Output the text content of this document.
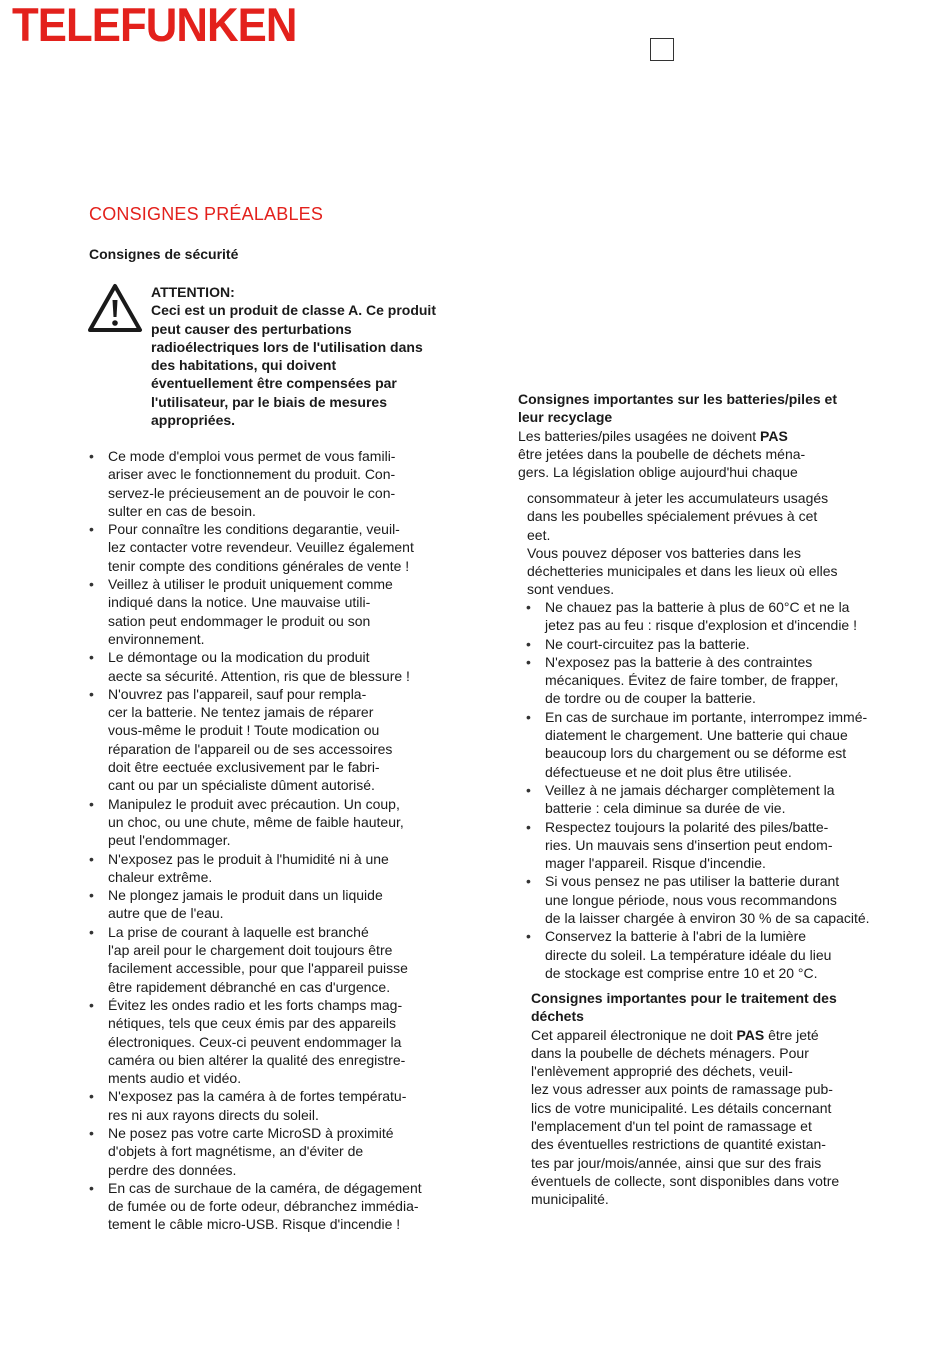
TELEFUNKEN
CONSIGNES PRÉALABLES
Consignes de sécurité
ATTENTION:
Ceci est un produit de classe A. Ce produit
peut causer des perturbations
radioélectriques lors de l'utilisation dans
des habitations, qui doivent
éventuellement être compensées par
l'utilisateur, par le biais de mesures
appropriées.
• Ce mode d'emploi vous permet de vous famili-
ariser avec le fonctionnement du produit. Con-
servez-le précieusement an de pouvoir le con-
sulter en cas de besoin.
• Pour connaître les conditions degarantie, veuil-
lez contacter votre revendeur. Veuillez également
tenir compte des conditions générales de vente !
• Veillez à utiliser le produit uniquement comme
indiqué dans la notice. Une mauvaise utili-
sation peut endommager le produit ou son
environnement.
• Le démontage ou la modication du produit
aecte sa sécurité. Attention, ris que de blessure !
• N'ouvrez pas l'appareil, sauf pour rempla-
cer la batterie. Ne tentez jamais de réparer
vous-même le produit ! Toute modication ou
réparation de l'appareil ou de ses accessoires
doit être eectuée exclusivement par le fabri-
cant ou par un spécialiste dûment autorisé.
• Manipulez le produit avec précaution. Un coup,
un choc, ou une chute, même de faible hauteur,
peut l'endommager.
• N'exposez pas le produit à l'humidité ni à une
chaleur extrême.
• Ne plongez jamais le produit dans un liquide
autre que de l'eau.
• La prise de courant à laquelle est branché
l'ap areil pour le chargement doit toujours être
facilement accessible, pour que l'appareil puisse
être rapidement débranché en cas d'urgence.
• Évitez les ondes radio et les forts champs mag-
nétiques, tels que ceux émis par des appareils
électroniques. Ceux-ci peuvent endommager la
caméra ou bien altérer la qualité des enregistre-
ments audio et vidéo.
• N'exposez pas la caméra à de fortes températu-
res ni aux rayons directs du soleil.
• Ne posez pas votre carte MicroSD à proximité
d'objets à fort magnétisme, an d'éviter de
perdre des données.
• En cas de surchaue de la caméra, de dégagement
de fumée ou de forte odeur, débranchez immédia-
tement le câble micro-USB. Risque d'incendie !
Consignes importantes sur les batteries/piles et
leur recyclage
Les batteries/piles usagées ne doivent PAS
être jetées dans la poubelle de déchets ména-
gers. La législation oblige aujourd'hui chaque
consommateur à jeter les accumulateurs usagés
dans les poubelles spécialement prévues à cet
eet.
Vous pouvez déposer vos batteries dans les
déchetteries municipales et dans les lieux où elles
sont vendues.
• Ne chauez pas la batterie à plus de 60°C et ne la
jetez pas au feu : risque d'explosion et d'incendie !
• Ne court-circuitez pas la batterie.
• N'exposez pas la batterie à des contraintes
mécaniques. Évitez de faire tomber, de frapper,
de tordre ou de couper la batterie.
• En cas de surchaue im portante, interrompez immé-
diatement le chargement. Une batterie qui chaue
beaucoup lors du chargement ou se déforme est
défectueuse et ne doit plus être utilisée.
• Veillez à ne jamais décharger complètement la
batterie : cela diminue sa durée de vie.
• Respectez toujours la polarité des piles/batte-
ries. Un mauvais sens d'insertion peut endom-
mager l'appareil. Risque d'incendie.
• Si vous pensez ne pas utiliser la batterie durant
une longue période, nous vous recommandons
de la laisser chargée à environ 30 % de sa capacité.
• Conservez la batterie à l'abri de la lumière
directe du soleil. La température idéale du lieu
de stockage est comprise entre 10 et 20 °C.
Consignes importantes pour le traitement des
déchets
Cet appareil électronique ne doit PAS être jeté
dans la poubelle de déchets ménagers. Pour
l'enlèvement approprié des déchets, veuil-
lez vous adresser aux points de ramassage pub-
lics de votre municipalité. Les détails concernant
l'emplacement d'un tel point de ramassage et
des éventuelles restrictions de quantité existan-
tes par jour/mois/année, ainsi que sur des frais
éventuels de collecte, sont disponibles dans votre
municipalité.
